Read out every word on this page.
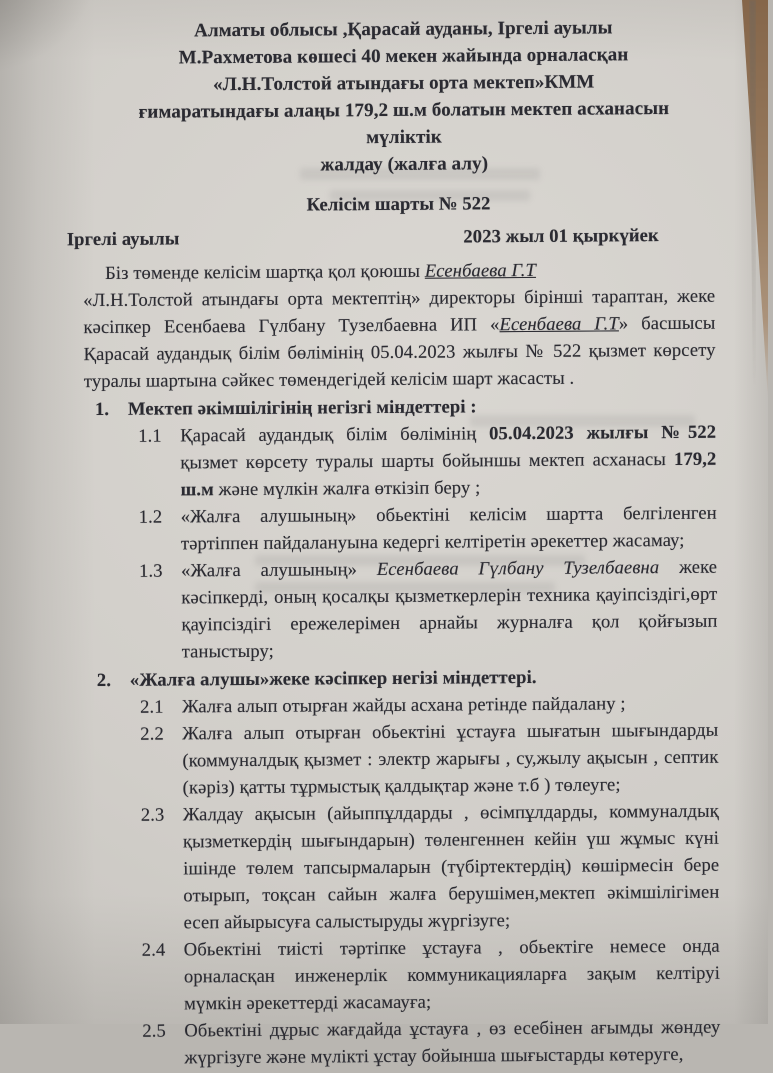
Алматы облысы ,Қарасай ауданы, Іргелі ауылы
М.Рахметова көшесі 40 мекен жайында орналасқан
«Л.Н.Толстой атындағы орта мектеп»КММ
ғимаратындағы алаңы 179,2 ш.м болатын мектеп асханасын мүліктік
жалдау (жалға алу)
Келісім шарты № 522
Іргелі ауылы	2023 жыл 01 қыркүйек
Біз төменде келісім шартқа қол қоюшы Есенбаева Г.Т
«Л.Н.Толстой атындағы орта мектептің» директоры бірінші тараптан, жеке кәсіпкер Есенбаева Гүлбану Тузелбаевна ИП «Есенбаева Г.Т» басшысы Қарасай аудандық білім бөлімінің 05.04.2023 жылғы № 522 қызмет көрсету туралы шартына сәйкес төмендегідей келісім шарт жасасты .
1.	Мектеп әкімшілігінің негізгі міндеттері :
1.1 Қарасай аудандық білім бөлімінің 05.04.2023 жылғы №522 қызмет көрсету туралы шарты бойыншы мектеп асханасы 179,2 ш.м және мүлкін жалға өткізіп беру ;
1.2 «Жалға алушының» обьектіні келісім шартта белгіленген тәртіппен пайдалануына кедергі келтіретін әрекеттер жасамау;
1.3 «Жалға алушының» Есенбаева Гүлбану Тузелбаевна жеке кәсіпкерді, оның қосалқы қызметкерлерін техника қауіпсіздігі,өрт қауіпсіздігі ережелерімен арнайы журналға қол қойғызып таныстыру;
2.	«Жалға алушы»жеке кәсіпкер негізі міндеттері.
2.1 Жалға алып отырған жайды асхана ретінде пайдалану ;
2.2 Жалға алып отырған обьектіні ұстауға шығатын шығындарды (коммуналдық қызмет : электр жарығы , су,жылу ақысын , септик (кәріз) қатты тұрмыстық қалдықтар және т.б ) төлеуге;
2.3 Жалдау ақысын (айыппұлдарды , өсімпұлдарды, коммуналдық қызметкердің шығындарын) төленгеннен кейін үш жұмыс күні ішінде төлем тапсырмаларын (түбіртектердің) көшірмесін бере отырып, тоқсан сайын жалға берушімен,мектеп әкімшілігімен есеп айырысуға салыстыруды жүргізуге;
2.4 Обьектіні тиісті тәртіпке ұстауға , обьектіге немесе онда орналасқан инженерлік коммуникацияларға зақым келтіруі мүмкін әрекеттерді жасамауға;
2.5 Обьектіні дұрыс жағдайда ұстауға , өз есебінен ағымды жөндеу жүргізуге және мүлікті ұстау бойынша шығыстарды көтеруге,
